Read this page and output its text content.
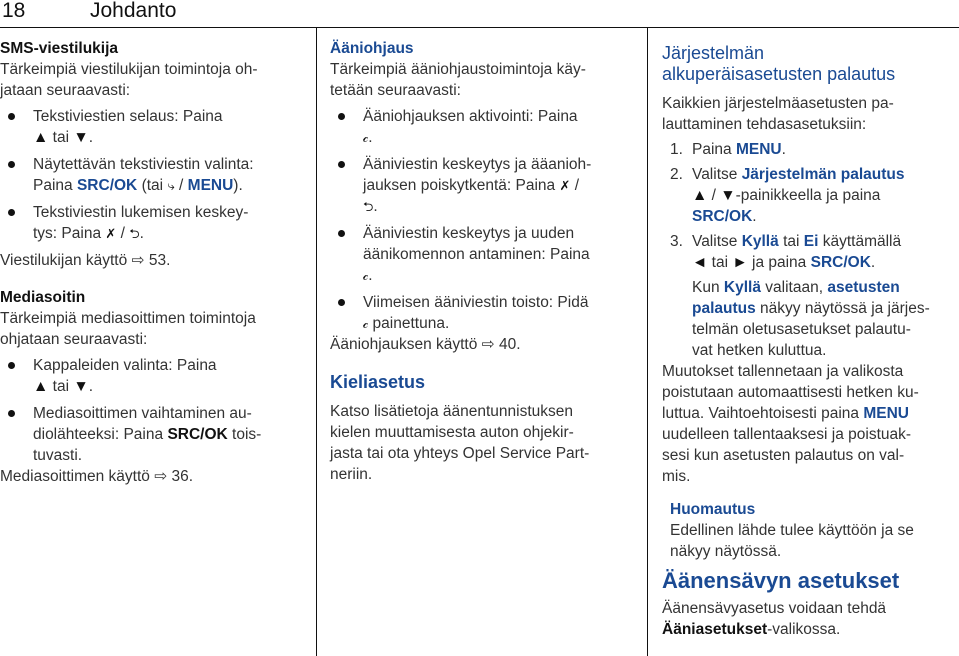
18	Johdanto
SMS-viestilukija
Tärkeimpiä viestilukijan toimintoja oh-
jataan seuraavasti:
Tekstiviestien selaus: Paina
▲ tai ▼.
Näytettävän tekstiviestin valinta:
Paina SRC/OK (tai ⤷ / MENU).
Tekstiviestin lukemisen keskey-
tys: Paina ✗ / ⮌.
Viestilukijan käyttö ⇨ 53.
Mediasoitin
Tärkeimpiä mediasoittimen toimintoja
ohjataan seuraavasti:
Kappaleiden valinta: Paina
▲ tai ▼.
Mediasoittimen vaihtaminen au-
diolähteeksi: Paina SRC/OK tois-
tuvasti.
Mediasoittimen käyttö ⇨ 36.
Ääniohjaus
Tärkeimpiä ääniohjaustoimintoja käy-
tetään seuraavasti:
Ääniohjauksen aktivointi: Paina
𝒸.
Ääniviestin keskeytys ja ääanioh-
jauksen poiskytkentä: Paina ✗ /
⮌.
Ääniviestin keskeytys ja uuden
äänikomennon antaminen: Paina
𝒸.
Viimeisen ääniviestin toisto: Pidä
𝒸 painettuna.
Ääniohjauksen käyttö ⇨ 40.
Kieliasetus
Katso lisätietoja äänentunnistuksen
kielen muuttamisesta auton ohjekir-
jasta tai ota yhteys Opel Service Part-
neriin.
Järjestelmän
alkuperäisasetusten palautus
Kaikkien järjestelmäasetusten pa-
lauttaminen tehdasasetuksiin:
1. Paina MENU.
2. Valitse Järjestelmän palautus
▲ / ▼-painikkeella ja paina
SRC/OK.
3. Valitse Kyllä tai Ei käyttämällä
◄ tai ► ja paina SRC/OK.
Kun Kyllä valitaan, asetusten
palautus näkyy näytössä ja järjes-
telmän oletusasetukset palautu-
vat hetken kuluttua.
Muutokset tallennetaan ja valikosta
poistutaan automaattisesti hetken ku-
luttua. Vaihtoehtoisesti paina MENU
uudelleen tallentaaksesi ja poistuak-
sesi kun asetusten palautus on val-
mis.
Huomautus
Edellinen lähde tulee käyttöön ja se
näkyy näytössä.
Äänensävyn asetukset
Äänensävyasetus voidaan tehdä
Ääniasetukset-valikossa.
